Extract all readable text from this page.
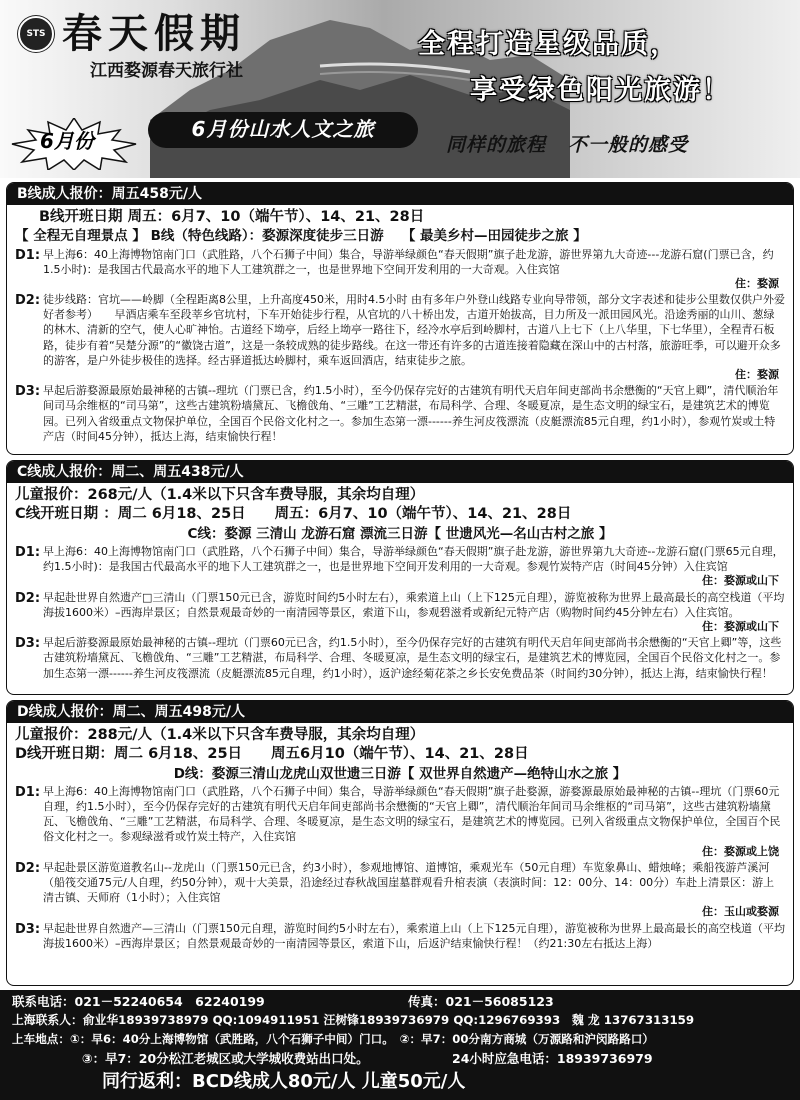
STS 春天假期
江西婺源春天旅行社
全程打造星级品质，
享受绿色阳光旅游！
6月份	6月份山水人文之旅
同样的旅程 不一般的感受
B线成人报价：周五458元/人
B线开班日期 周五：6月7、10（端午节）、14、21、28日
【 全程无自理景点 】 B线（特色线路）：婺源深度徒步三日游　 【 最美乡村—田园徒步之旅 】
D1: 早上海6：40上海博物馆南门口（武胜路，八个石狮子中间）集合，导游举绿颜色“春天假期”旗子赴龙游，游世界第九大奇迹---龙游石窟(门票已含，约1.5小时)：是我国古代最高水平的地下人工建筑群之一，也是世界地下空间开发利用的一大奇观。入住宾馆
住：婺源
D2: 徒步线路：官坑——岭脚（全程距离8公里，上升高度450米，用时4.5小时 由有多年户外登山线路专业向导带领，部分文字表述和徒步公里数仅供户外爱好者参考）　　早酒店乘车至段莘乡官坑村，下车开始徒步行程，从官坑的八十桥出发，古道开始拔高，目力所及一派田园风光。沿途秀丽的山川、葱绿的林木、清新的空气，使人心旷神怡。古道经下坳亭，后经上坳亭一路往下，经冷水亭后到岭脚村，古道八上七下（上八华里，下七华里），全程青石板路，徒步有着“吴楚分源”的“徽饶古道”，这是一条较成熟的徒步路线。在这一带还有许多的古道连接着隐藏在深山中的古村落，旅游旺季，可以避开众多的游客，是户外徒步极佳的选择。经古驿道抵达岭脚村，乘车返回酒店，结束徒步之旅。
住：婺源
D3: 早起后游婺源最原始最神秘的古镇--理坑（门票已含，约1.5小时），至今仍保存完好的古建筑有明代天启年间吏部尚书余懋衡的“天官上卿”，清代顺治年间司马余维枢的“司马第”，这些古建筑粉墙黛瓦、飞檐戗角、“三雕”工艺精湛，布局科学、合理、冬暖夏凉，是生态文明的绿宝石，是建筑艺术的博览园。已列入省级重点文物保护单位，全国百个民俗文化村之一。参加生态第一漂------养生河皮筏漂流（皮艇漂流85元自理，约1小时），参观竹炭或土特产店（时间45分钟），抵达上海，结束愉快行程！
C线成人报价：周二、周五438元/人
儿童报价：268元/人（1.4米以下只含车费导服，其余均自理）
C线开班日期 ：周二 6月18、25日　　周五：6月7、10（端午节）、14、21、28日
C线：婺源 三清山 龙游石窟 漂流三日游【 世遗风光—名山古村之旅 】
D1: 早上海6：40上海博物馆南门口（武胜路，八个石狮子中间）集合，导游举绿颜色“春天假期”旗子赴龙游，游世界第九大奇迹--龙游石窟(门票65元自理，约1.5小时)：是我国古代最高水平的地下人工建筑群之一，也是世界地下空间开发利用的一大奇观。参观竹炭特产店（时间45分钟）入住宾馆
住：婺源或山下
D2: 早起赴世界自然遗产□三清山（门票150元已含，游览时间约5小时左右），乘索道上山（上下125元自理），游览被称为世界上最高最长的高空栈道（平均海拔1600米）–西海岸景区；自然景观最奇妙的一南清园等景区，索道下山，参观碧滋肴或新纪元特产店（购物时间约45分钟左右）入住宾馆。
住：婺源或山下
D3: 早起后游婺源最原始最神秘的古镇--理坑（门票60元已含，约1.5小时），至今仍保存完好的古建筑有明代天启年间吏部尚书余懋衡的“天官上卿”等，这些古建筑粉墙黛瓦、飞檐戗角、“三雕”工艺精湛，布局科学、合理、冬暖夏凉，是生态文明的绿宝石，是建筑艺术的博览园，全国百个民俗文化村之一。参加生态第一漂------养生河皮筏漂流（皮艇漂流85元自理，约1小时），返沪途经菊花茶之乡长安免费品茶（时间约30分钟），抵达上海，结束愉快行程！
D线成人报价：周二、周五498元/人
儿童报价：288元/人（1.4米以下只含车费导服，其余均自理）
D线开班日期：周二 6月18、25日　　周五6月10（端午节）、14、21、28日
D线：婺源三清山龙虎山双世遗三日游【 双世界自然遗产—绝特山水之旅 】
D1: 早上海6：40上海博物馆南门口（武胜路，八个石狮子中间）集合，导游举绿颜色“春天假期”旗子赴婺源，游婺源最原始最神秘的古镇--理坑（门票60元自理，约1.5小时），至今仍保存完好的古建筑有明代天启年间吏部尚书余懋衡的“天官上卿”，清代顺治年间司马余维枢的“司马第”，这些古建筑粉墙黛瓦、飞檐戗角、“三雕”工艺精湛，布局科学、合理、冬暖夏凉，是生态文明的绿宝石，是建筑艺术的博览园。已列入省级重点文物保护单位，全国百个民俗文化村之一。参观绿滋肴或竹炭土特产，入住宾馆
住：婺源或上饶
D2: 早起赴景区游览道教名山--龙虎山（门票150元已含，约3小时），参观地博馆、道博馆，乘观光车（50元自理）车览象鼻山、蜡烛峰；乘船筏游芦溪河（船筏交通75元/人自理，约50分钟），观十大美景，沿途经过春秋战国崖墓群观看升棺表演（表演时间：12：00分、14：00分）车赴上清景区：游上清古镇、天师府（1小时）；入住宾馆
住：玉山或婺源
D3: 早起赴世界自然遗产—三清山（门票150元自理，游览时间约5小时左右），乘索道上山（上下125元自理），游览被称为世界上最高最长的高空栈道（平均海拔1600米）–西海岸景区；自然景观最奇妙的一南清园等景区，索道下山，后返沪结束愉快行程！（约21:30左右抵达上海）
联系电话：021－52240654　62240199	传真：021－56085123
上海联系人：俞业华18939738979 QQ:1094911951 汪树锋18939736979 QQ:1296769393　魏 龙 13767313159
上车地点：①：早6：40分上海博物馆（武胜路，八个石狮子中间）门口。　②：早7：00分南方商城（万源路和沪闵路路口）
③：早7：20分松江老城区或大学城收费站出口处。	24小时应急电话：18939736979
同行返利：BCD线成人80元/人 儿童50元/人
